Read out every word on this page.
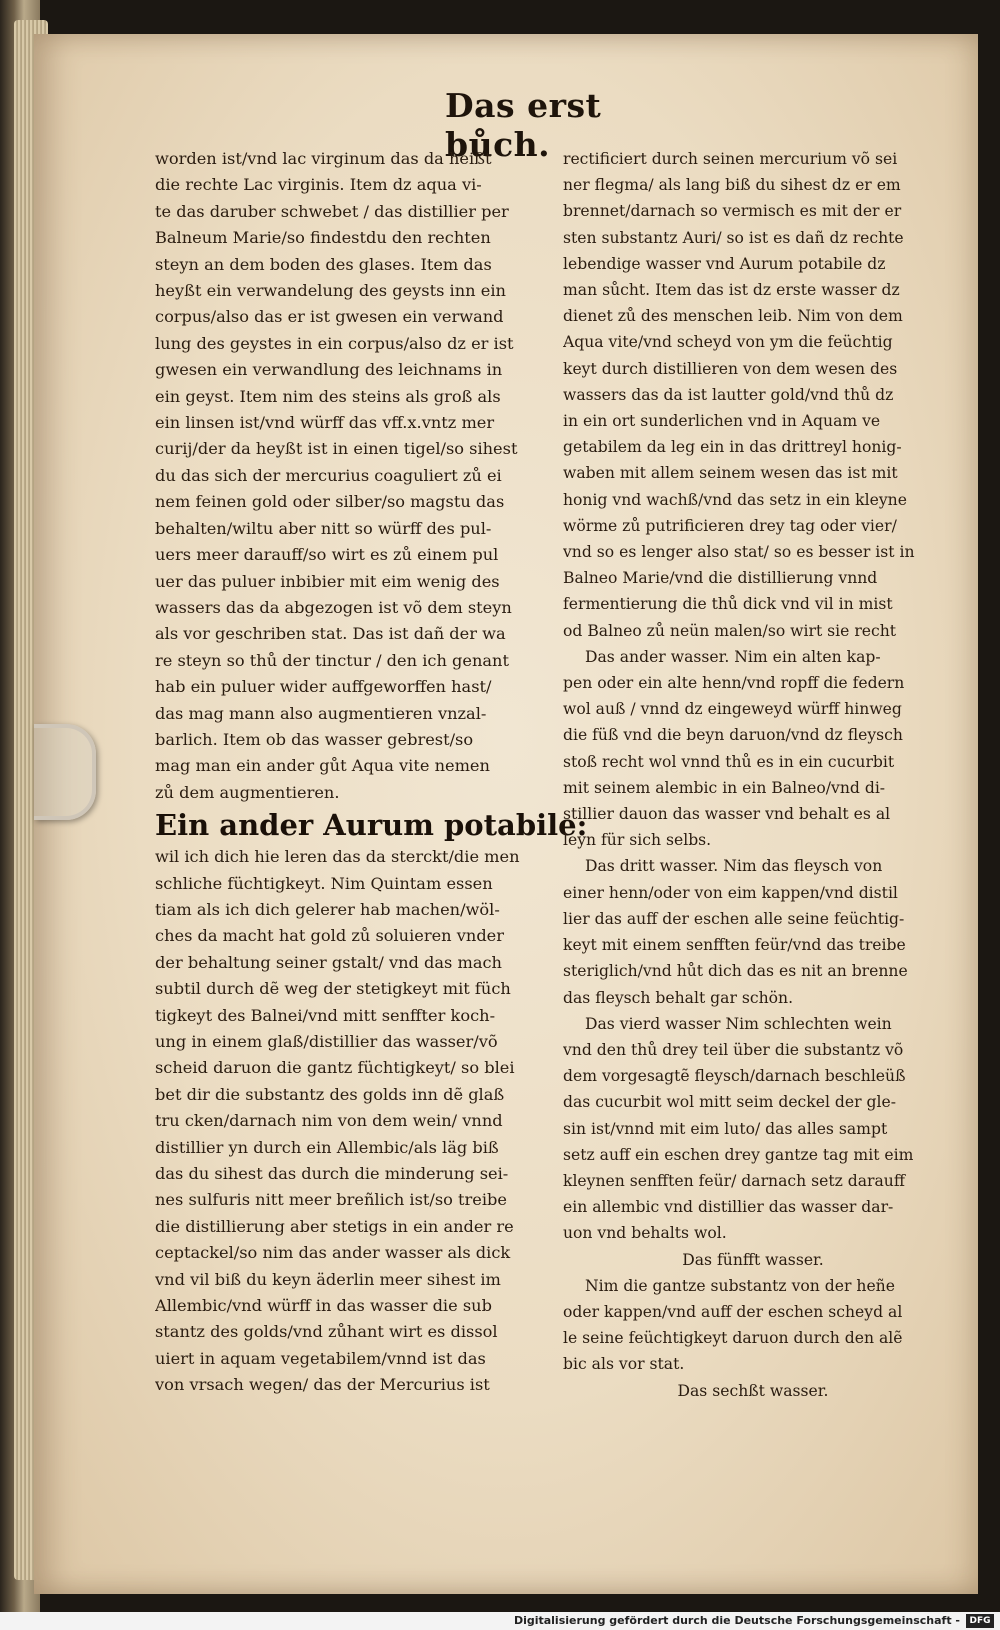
Das erst bůch.
worden ist/vnd lac virginum das da heißt
die rechte Lac virginis. Item dz aqua vi-
te das daruber schwebet / das distillier per
Balneum Marie/so findestdu den rechten
steyn an dem boden des glases. Item das
heyßt ein verwandelung des geysts inn ein
corpus/also das er ist gwesen ein verwand
lung des geystes in ein corpus/also dz er ist
gwesen ein verwandlung des leichnams in
ein geyst. Item nim des steins als groß als
ein linsen ist/vnd würff das vff.x.vntz mer
curij/der da heyßt ist in einen tigel/so sihest
du das sich der mercurius coaguliert zů ei
nem feinen gold oder silber/so magstu das
behalten/wiltu aber nitt so würff des pul-
uers meer darauff/so wirt es zů einem pul
uer das puluer inbibier mit eim wenig des
wassers das da abgezogen ist võ dem steyn
als vor geschriben stat. Das ist dañ der wa
re steyn so thů der tinctur / den ich genant
hab ein puluer wider auffgeworffen hast/
das mag mann also augmentieren vnzal-
barlich. Item ob das wasser gebrest/so
mag man ein ander gůt Aqua vite nemen
zů dem augmentieren.
Ein ander Aurum potabile:
wil ich dich hie leren das da sterckt/die men
schliche füchtigkeyt. Nim Quintam essen
tiam als ich dich gelerer hab machen/wöl-
ches da macht hat gold zů soluieren vnder
der behaltung seiner gstalt/ vnd das mach
subtil durch dẽ weg der stetigkeyt mit füch
tigkeyt des Balnei/vnd mitt senffter koch-
ung in einem glaß/distillier das wasser/võ
scheid daruon die gantz füchtigkeyt/ so blei
bet dir die substantz des golds inn dẽ glaß
tru cken/darnach nim von dem wein/ vnnd
distillier yn durch ein Allembic/als läg biß
das du sihest das durch die minderung sei-
nes sulfuris nitt meer breñlich ist/so treibe
die distillierung aber stetigs in ein ander re
ceptackel/so nim das ander wasser als dick
vnd vil biß du keyn äderlin meer sihest im
Allembic/vnd würff in das wasser die sub
stantz des golds/vnd zůhant wirt es dissol
uiert in aquam vegetabilem/vnnd ist das
von vrsach wegen/ das der Mercurius ist
rectificiert durch seinen mercurium võ sei
ner flegma/ als lang biß du sihest dz er em
brennet/darnach so vermisch es mit der er
sten substantz Auri/ so ist es dañ dz rechte
lebendige wasser vnd Aurum potabile dz
man sůcht. Item das ist dz erste wasser dz
dienet zů des menschen leib. Nim von dem
Aqua vite/vnd scheyd von ym die feüchtig
keyt durch distillieren von dem wesen des
wassers das da ist lautter gold/vnd thů dz
in ein ort sunderlichen vnd in Aquam ve
getabilem da leg ein in das drittreyl honig-
waben mit allem seinem wesen das ist mit
honig vnd wachß/vnd das setz in ein kleyne
wörme zů putrificieren drey tag oder vier/
vnd so es lenger also stat/ so es besser ist in
Balneo Marie/vnd die distillierung vnnd
fermentierung die thů dick vnd vil in mist
od Balneo zů neün malen/so wirt sie recht
Das ander wasser. Nim ein alten kap-
pen oder ein alte henn/vnd ropff die federn
wol auß / vnnd dz eingeweyd würff hinweg
die füß vnd die beyn daruon/vnd dz fleysch
stoß recht wol vnnd thů es in ein cucurbit
mit seinem alembic in ein Balneo/vnd di-
stillier dauon das wasser vnd behalt es al
leyn für sich selbs.
Das dritt wasser. Nim das fleysch von
einer henn/oder von eim kappen/vnd distil
lier das auff der eschen alle seine feüchtig-
keyt mit einem senfften feür/vnd das treibe
steriglich/vnd hůt dich das es nit an brenne
das fleysch behalt gar schön.
Das vierd wasser Nim schlechten wein
vnd den thů drey teil über die substantz võ
dem vorgesagtẽ fleysch/darnach beschleüß
das cucurbit wol mitt seim deckel der gle-
sin ist/vnnd mit eim luto/ das alles sampt
setz auff ein eschen drey gantze tag mit eim
kleynen senfften feür/ darnach setz darauff
ein allembic vnd distillier das wasser dar-
uon vnd behalts wol.
Das fünfft wasser.
Nim die gantze substantz von der heñe
oder kappen/vnd auff der eschen scheyd al
le seine feüchtigkeyt daruon durch den alẽ
bic als vor stat.
Das sechßt wasser.
Digitalisierung gefördert durch die Deutsche Forschungsgemeinschaft -	DFG
